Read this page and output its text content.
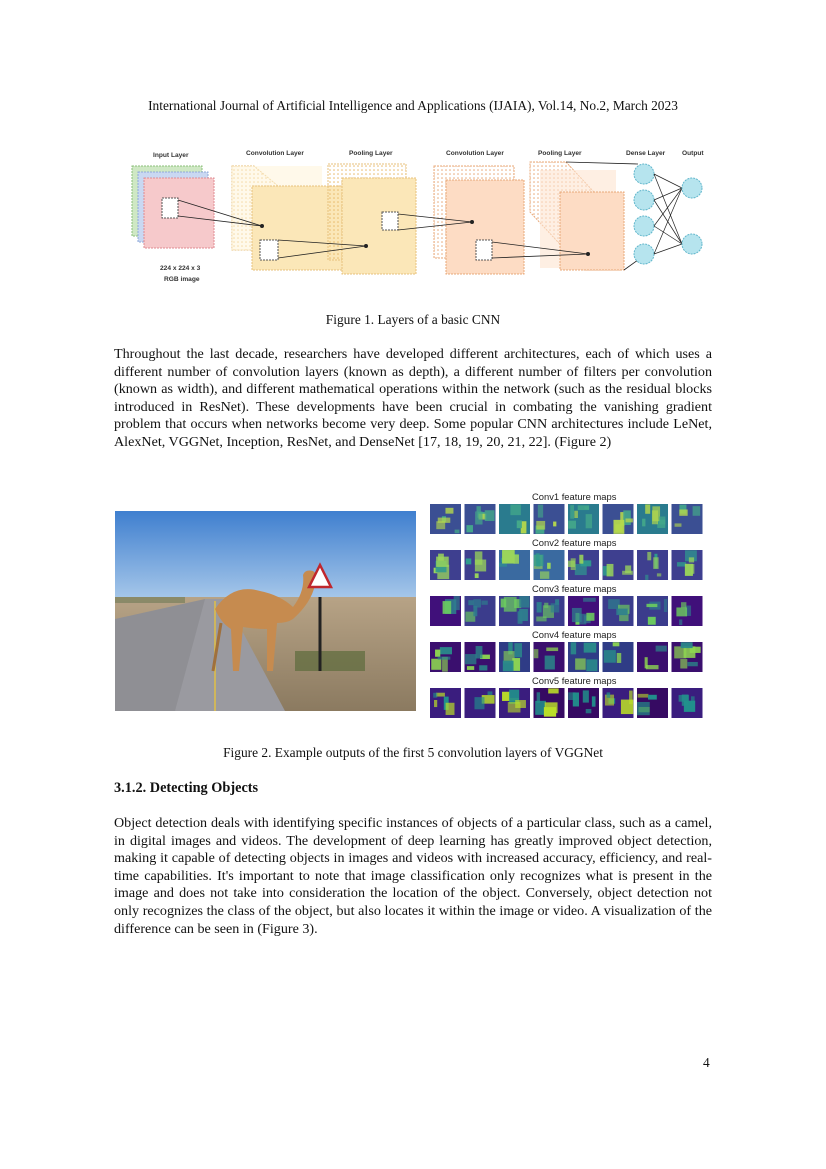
International Journal of Artificial Intelligence and Applications (IJAIA), Vol.14, No.2, March 2023
Input Layer	Convolution Layer	Pooling Layer	Convolution Layer	Pooling Layer	Dense Layer	Output
224 x 224 x 3
RGB image
Figure 1. Layers of a basic CNN

Throughout the last decade, researchers have developed different architectures, each of which uses a different number of convolution layers (known as depth), a different number of filters per convolution (known as width), and different mathematical operations within the network (such as the residual blocks introduced in ResNet). These developments have been crucial in combating the vanishing gradient problem that occurs when networks become very deep. Some popular CNN architectures include LeNet, AlexNet, VGGNet, Inception, ResNet, and DenseNet [17, 18, 19, 20, 21, 22]. (Figure 2)

Conv1 feature maps
Conv2 feature maps
Conv3 feature maps
Conv4 feature maps
Conv5 feature maps
Figure 2. Example outputs of the first 5 convolution layers of VGGNet
3.1.2. Detecting Objects

Object detection deals with identifying specific instances of objects of a particular class, such as a camel, in digital images and videos. The development of deep learning has greatly improved object detection, making it capable of detecting objects in images and videos with increased accuracy, efficiency, and real-time capabilities. It's important to note that image classification only recognizes what is present in the image and does not take into consideration the location of the object. Conversely, object detection not only recognizes the class of the object, but also locates it within the image or video. A visualization of the difference can be seen in (Figure 3).

4
